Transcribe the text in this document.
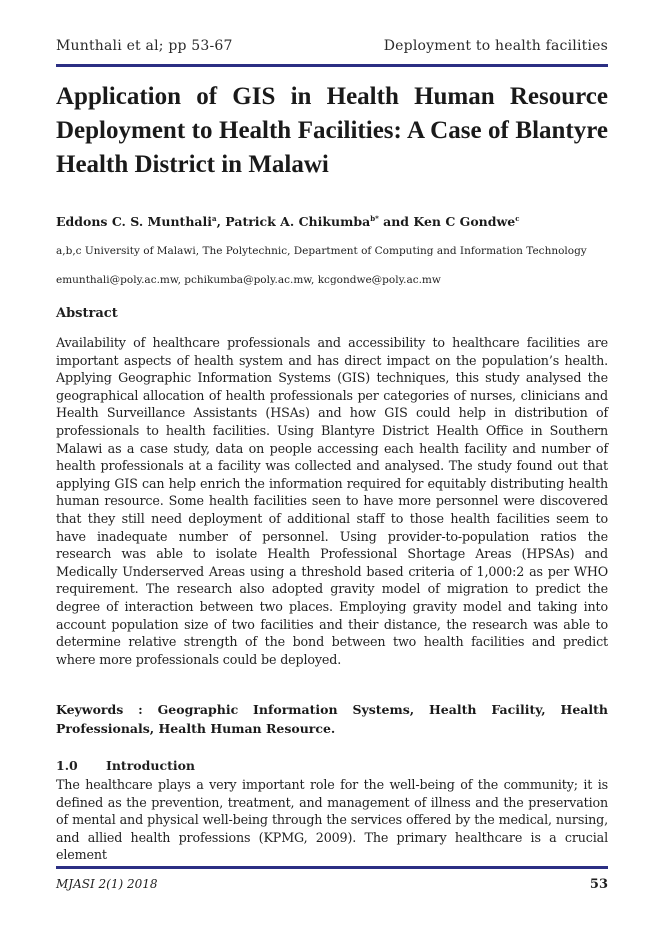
Munthali et al; pp 53-67	Deployment to health facilities
Application of GIS in Health Human Resource Deployment to Health Facilities: A Case of Blantyre Health District in Malawi
Eddons C. S. Munthali$^a$, Patrick A. Chikumba$^{b*}$ and Ken C Gondwe$^c$
a,b,c University of Malawi, The Polytechnic, Department of Computing and Information Technology
emunthali@poly.ac.mw, pchikumba@poly.ac.mw, kcgondwe@poly.ac.mw
Abstract

Availability of healthcare professionals and accessibility to healthcare facilities are important aspects of health system and has direct impact on the population’s health. Applying Geographic Information Systems (GIS) techniques, this study analysed the geographical allocation of health professionals per categories of nurses, clinicians and Health Surveillance Assistants (HSAs) and how GIS could help in distribution of professionals to health facilities. Using Blantyre District Health Office in Southern Malawi as a case study, data on people accessing each health facility and number of health professionals at a facility was collected and analysed. The study found out that applying GIS can help enrich the information required for equitably distributing health human resource. Some health facilities seen to have more personnel were discovered that they still need deployment of additional staff to those health facilities seem to have inadequate number of personnel. Using provider-to-population ratios the research was able to isolate Health Professional Shortage Areas (HPSAs) and Medically Underserved Areas using a threshold based criteria of 1,000:2 as per WHO requirement. The research also adopted gravity model of migration to predict the degree of interaction between two places. Employing gravity model and taking into account population size of two facilities and their distance, the research was able to determine relative strength of the bond between two health facilities and predict where more professionals could be deployed.

Keywords : Geographic Information Systems, Health Facility, Health Professionals, Health Human Resource.

1.0 Introduction

The healthcare plays a very important role for the well-being of the community; it is defined as the prevention, treatment, and management of illness and the preservation of mental and physical well-being through the services offered by the medical, nursing, and allied health professions (KPMG, 2009). The primary healthcare is a crucial element

MJASI 2(1) 2018	53
